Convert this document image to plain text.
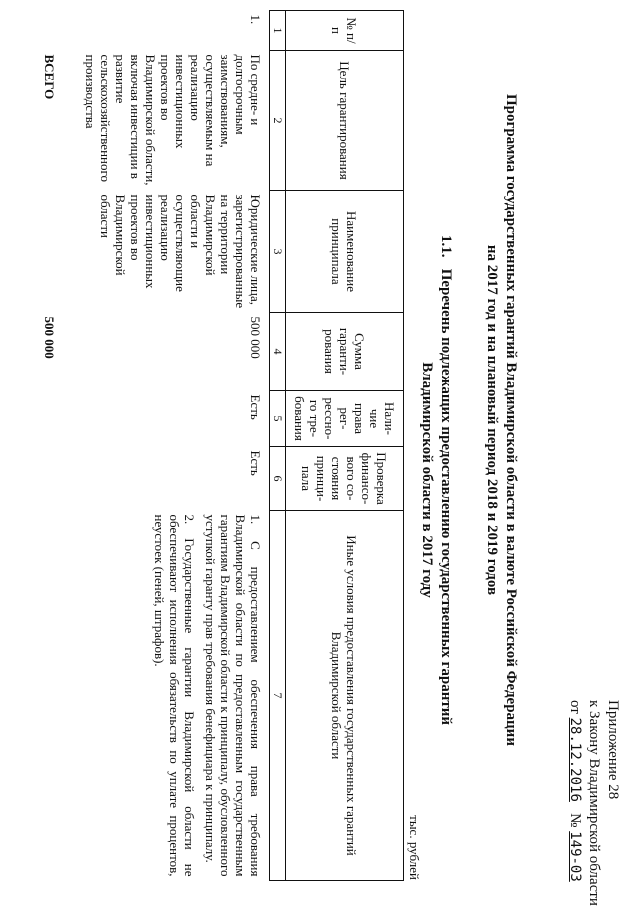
Приложение 28
к Закону Владимирской области
от 28.12.2016   № 149-03
Программа государственных гарантий Владимирской области в валюте Российской Федерации
на 2017 год и на плановый период 2018 и 2019 годов
1.1.   Перечень подлежащих предоставлению государственных гарантий
Владимирской области в 2017 году
тыс. рублей
№ п/п	Цель гарантирования	Наименование принципала	Сумма гаранти-рования	Нали-чие права рег-рессно-го тре-бования	Проверка финансо-вого со-стояния принци-пала	Иные условия предоставления государственных гарантий Владимирской области
1	2	3	4	5	6	7
1.	По средне- и долгосрочным заимствованиям, осуществляемым на реализацию инвестиционных проектов во Владимирской области, включая инвестиции в развитие сельскохозяйственного производства	Юридические лица, зарегистрированные на территории Владимирской области и осуществляющие реализацию инвестиционных проектов во Владимирской области	500 000	Есть	Есть	1. С предоставлением обеспечения права требования Владимирской области по предоставленным государственным гарантиям Владимирской области к принципалу, обусловленного уступкой гаранту прав требования бенефициара к принципалу.

2. Государственные гарантии Владимирской области не обеспечивают исполнения обязательств по уплате процентов, неустоек (пеней, штрафов).

	ВСЕГО		500 000			
